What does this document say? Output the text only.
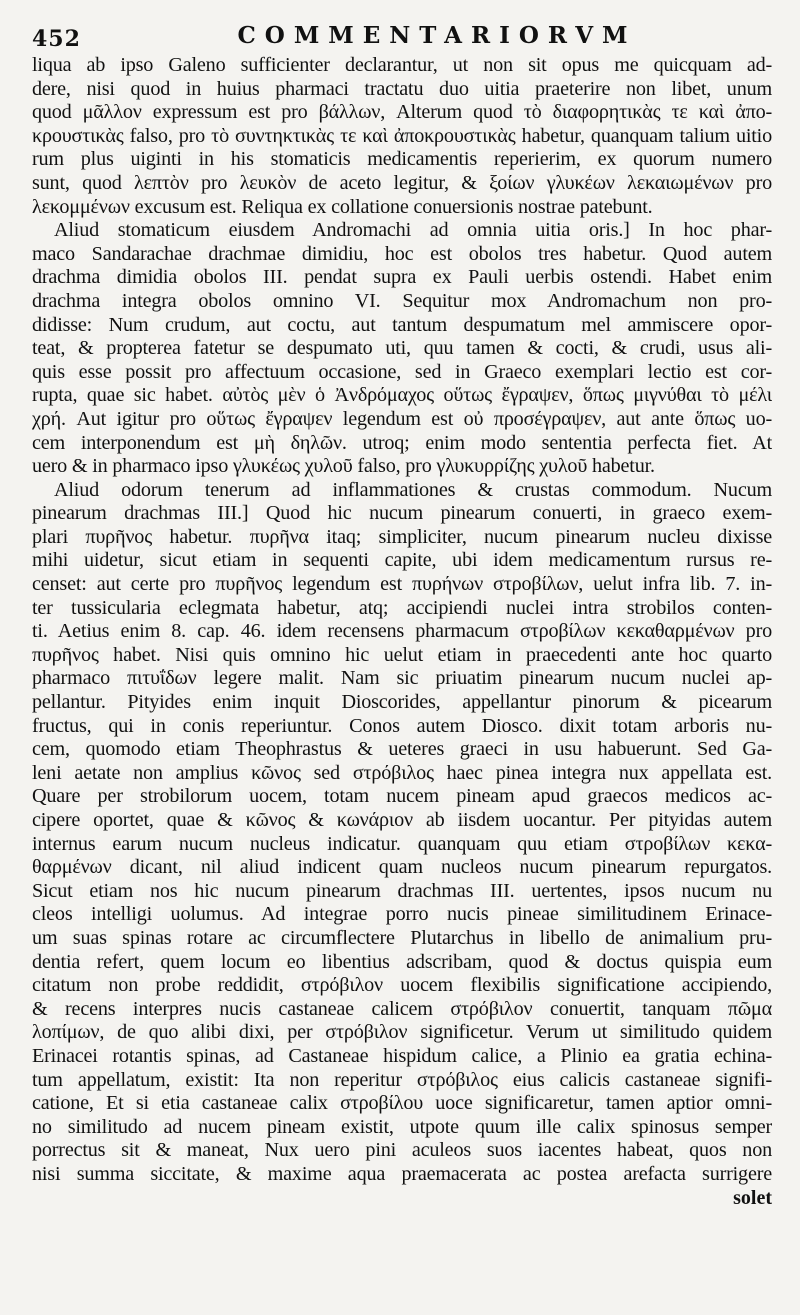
452	COMMENTARIORVM
liqua ab ipso Galeno sufficienter declarantur, ut non sit opus me quicquam ad-
dere, nisi quod in huius pharmaci tractatu duo uitia praeterire non libet, unum
quod μᾶλλον expressum est pro βάλλων, Alterum quod τὸ διαφορητικὰς τε καὶ ἀπο-
κρουστικὰς falso, pro τὸ συντηκτικὰς τε καὶ ἀποκρουστικὰς habetur, quanquam talium uitio
rum plus uiginti in his stomaticis medicamentis reperierim, ex quorum numero
sunt, quod λεπτὸν pro λευκὸν de aceto legitur, & ξοίων γλυκέων λεκαιωμένων pro
λεκομμένων excusum est. Reliqua ex collatione conuersionis nostrae patebunt.
Aliud stomaticum eiusdem Andromachi ad omnia uitia oris.] In hoc phar-
maco Sandarachae drachmae dimidiu, hoc est obolos tres habetur. Quod autem
drachma dimidia obolos III. pendat supra ex Pauli uerbis ostendi. Habet enim
drachma integra obolos omnino VI. Sequitur mox Andromachum non pro-
didisse: Num crudum, aut coctu, aut tantum despumatum mel ammiscere opor-
teat, & propterea fatetur se despumato uti, quu tamen & cocti, & crudi, usus ali-
quis esse possit pro affectuum occasione, sed in Graeco exemplari lectio est cor-
rupta, quae sic habet. αὐτὸς μὲν ὁ Ἀνδρόμαχος οὕτως ἔγραψεν, ὅπως μιγνύθαι τὸ μέλι
χρή. Aut igitur pro οὕτως ἔγραψεν legendum est οὐ προσέγραψεν, aut ante ὅπως uo-
cem interponendum est μὴ δηλῶν. utroq; enim modo sententia perfecta fiet. At
uero & in pharmaco ipso γλυκέως χυλοῦ falso, pro γλυκυρρίζης χυλοῦ habetur.
Aliud odorum tenerum ad inflammationes & crustas commodum. Nucum
pinearum drachmas III.] Quod hic nucum pinearum conuerti, in graeco exem-
plari πυρῆνος habetur. πυρῆνα itaq; simpliciter, nucum pinearum nucleu dixisse
mihi uidetur, sicut etiam in sequenti capite, ubi idem medicamentum rursus re-
censet: aut certe pro πυρῆνος legendum est πυρήνων στροβίλων, uelut infra lib. 7. in-
ter tussicularia eclegmata habetur, atq; accipiendi nuclei intra strobilos conten-
ti. Aetius enim 8. cap. 46. idem recensens pharmacum στροβίλων κεκαθαρμένων pro
πυρῆνος habet. Nisi quis omnino hic uelut etiam in praecedenti ante hoc quarto
pharmaco πιτυΐδων legere malit. Nam sic priuatim pinearum nucum nuclei ap-
pellantur. Pityides enim inquit Dioscorides, appellantur pinorum & picearum
fructus, qui in conis reperiuntur. Conos autem Diosco. dixit totam arboris nu-
cem, quomodo etiam Theophrastus & ueteres graeci in usu habuerunt. Sed Ga-
leni aetate non amplius κῶνος sed στρόβιλος haec pinea integra nux appellata est.
Quare per strobilorum uocem, totam nucem pineam apud graecos medicos ac-
cipere oportet, quae & κῶνος & κωνάριον ab iisdem uocantur. Per pityidas autem
internus earum nucum nucleus indicatur. quanquam quu etiam στροβίλων κεκα-
θαρμένων dicant, nil aliud indicent quam nucleos nucum pinearum repurgatos.
Sicut etiam nos hic nucum pinearum drachmas III. uertentes, ipsos nucum nu
cleos intelligi uolumus. Ad integrae porro nucis pineae similitudinem Erinace-
um suas spinas rotare ac circumflectere Plutarchus in libello de animalium pru-
dentia refert, quem locum eo libentius adscribam, quod & doctus quispia eum
citatum non probe reddidit, στρόβιλον uocem flexibilis significatione accipiendo,
& recens interpres nucis castaneae calicem στρόβιλον conuertit, tanquam πῶμα
λοπίμων, de quo alibi dixi, per στρόβιλον significetur. Verum ut similitudo quidem
Erinacei rotantis spinas, ad Castaneae hispidum calice, a Plinio ea gratia echina-
tum appellatum, existit: Ita non reperitur στρόβιλος eius calicis castaneae signifi-
catione, Et si etia castaneae calix στροβίλου uoce significaretur, tamen aptior omni-
no similitudo ad nucem pineam existit, utpote quum ille calix spinosus semper
porrectus sit & maneat, Nux uero pini aculeos suos iacentes habeat, quos non
nisi summa siccitate, & maxime aqua praemacerata ac postea arefacta surrigere
solet
